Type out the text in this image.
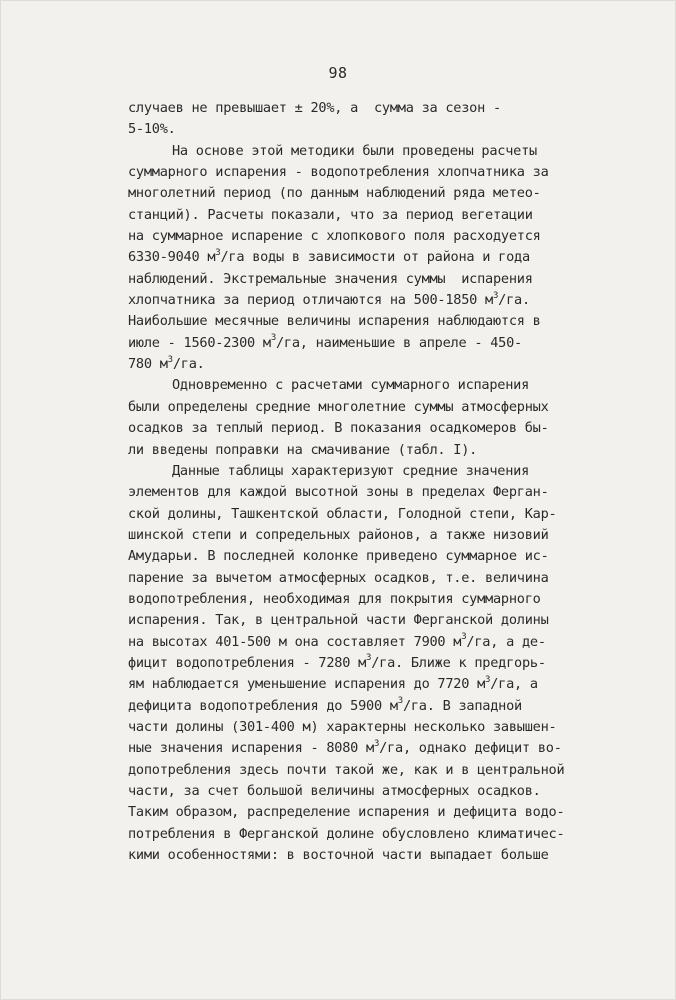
98
случаев не превышает ± 20%, а  сумма за сезон -
5-10%.
На основе этой методики были проведены расчеты
суммарного испарения - водопотребления хлопчатника за
многолетний период (по данным наблюдений ряда метео-
станций). Расчеты показали, что за период вегетации
на суммарное испарение с хлопкового поля расходуется
6330-9040 $м^3/га$ воды в зависимости от района и года
наблюдений. Экстремальные значения суммы  испарения
хлопчатника за период отличаются на 500-1850 $м^3/га$.
Наибольшие месячные величины испарения наблюдаются в
июле - 1560-2300 $м^3/га$, наименьшие в апреле - 450-
780 $м^3/га$.
Одновременно с расчетами суммарного испарения
были определены средние многолетние суммы атмосферных
осадков за теплый период. В показания осадкомеров бы-
ли введены поправки на смачивание (табл. I).
Данные таблицы характеризуют средние значения
элементов для каждой высотной зоны в пределах Ферган-
ской долины, Ташкентской области, Голодной степи, Кар-
шинской степи и сопредельных районов, а также низовий
Амударьи. В последней колонке приведено суммарное ис-
парение за вычетом атмосферных осадков, т.е. величина
водопотребления, необходимая для покрытия суммарного
испарения. Так, в центральной части Ферганской долины
на высотах 401-500 м она составляет 7900 $м^3/га$, а де-
фицит водопотребления - 7280 $м^3/га$. Ближе к предгорь-
ям наблюдается уменьшение испарения до 7720 $м^3/га$, а
дефицита водопотребления до 5900 $м^3/га$. В западной
части долины (301-400 м) характерны несколько завышен-
ные значения испарения - 8080 $м^3/га$, однако дефицит во-
допотребления здесь почти такой же, как и в центральной
части, за счет большой величины атмосферных осадков.
Таким образом, распределение испарения и дефицита водо-
потребления в Ферганской долине обусловлено климатичес-
кими особенностями: в восточной части выпадает больше
